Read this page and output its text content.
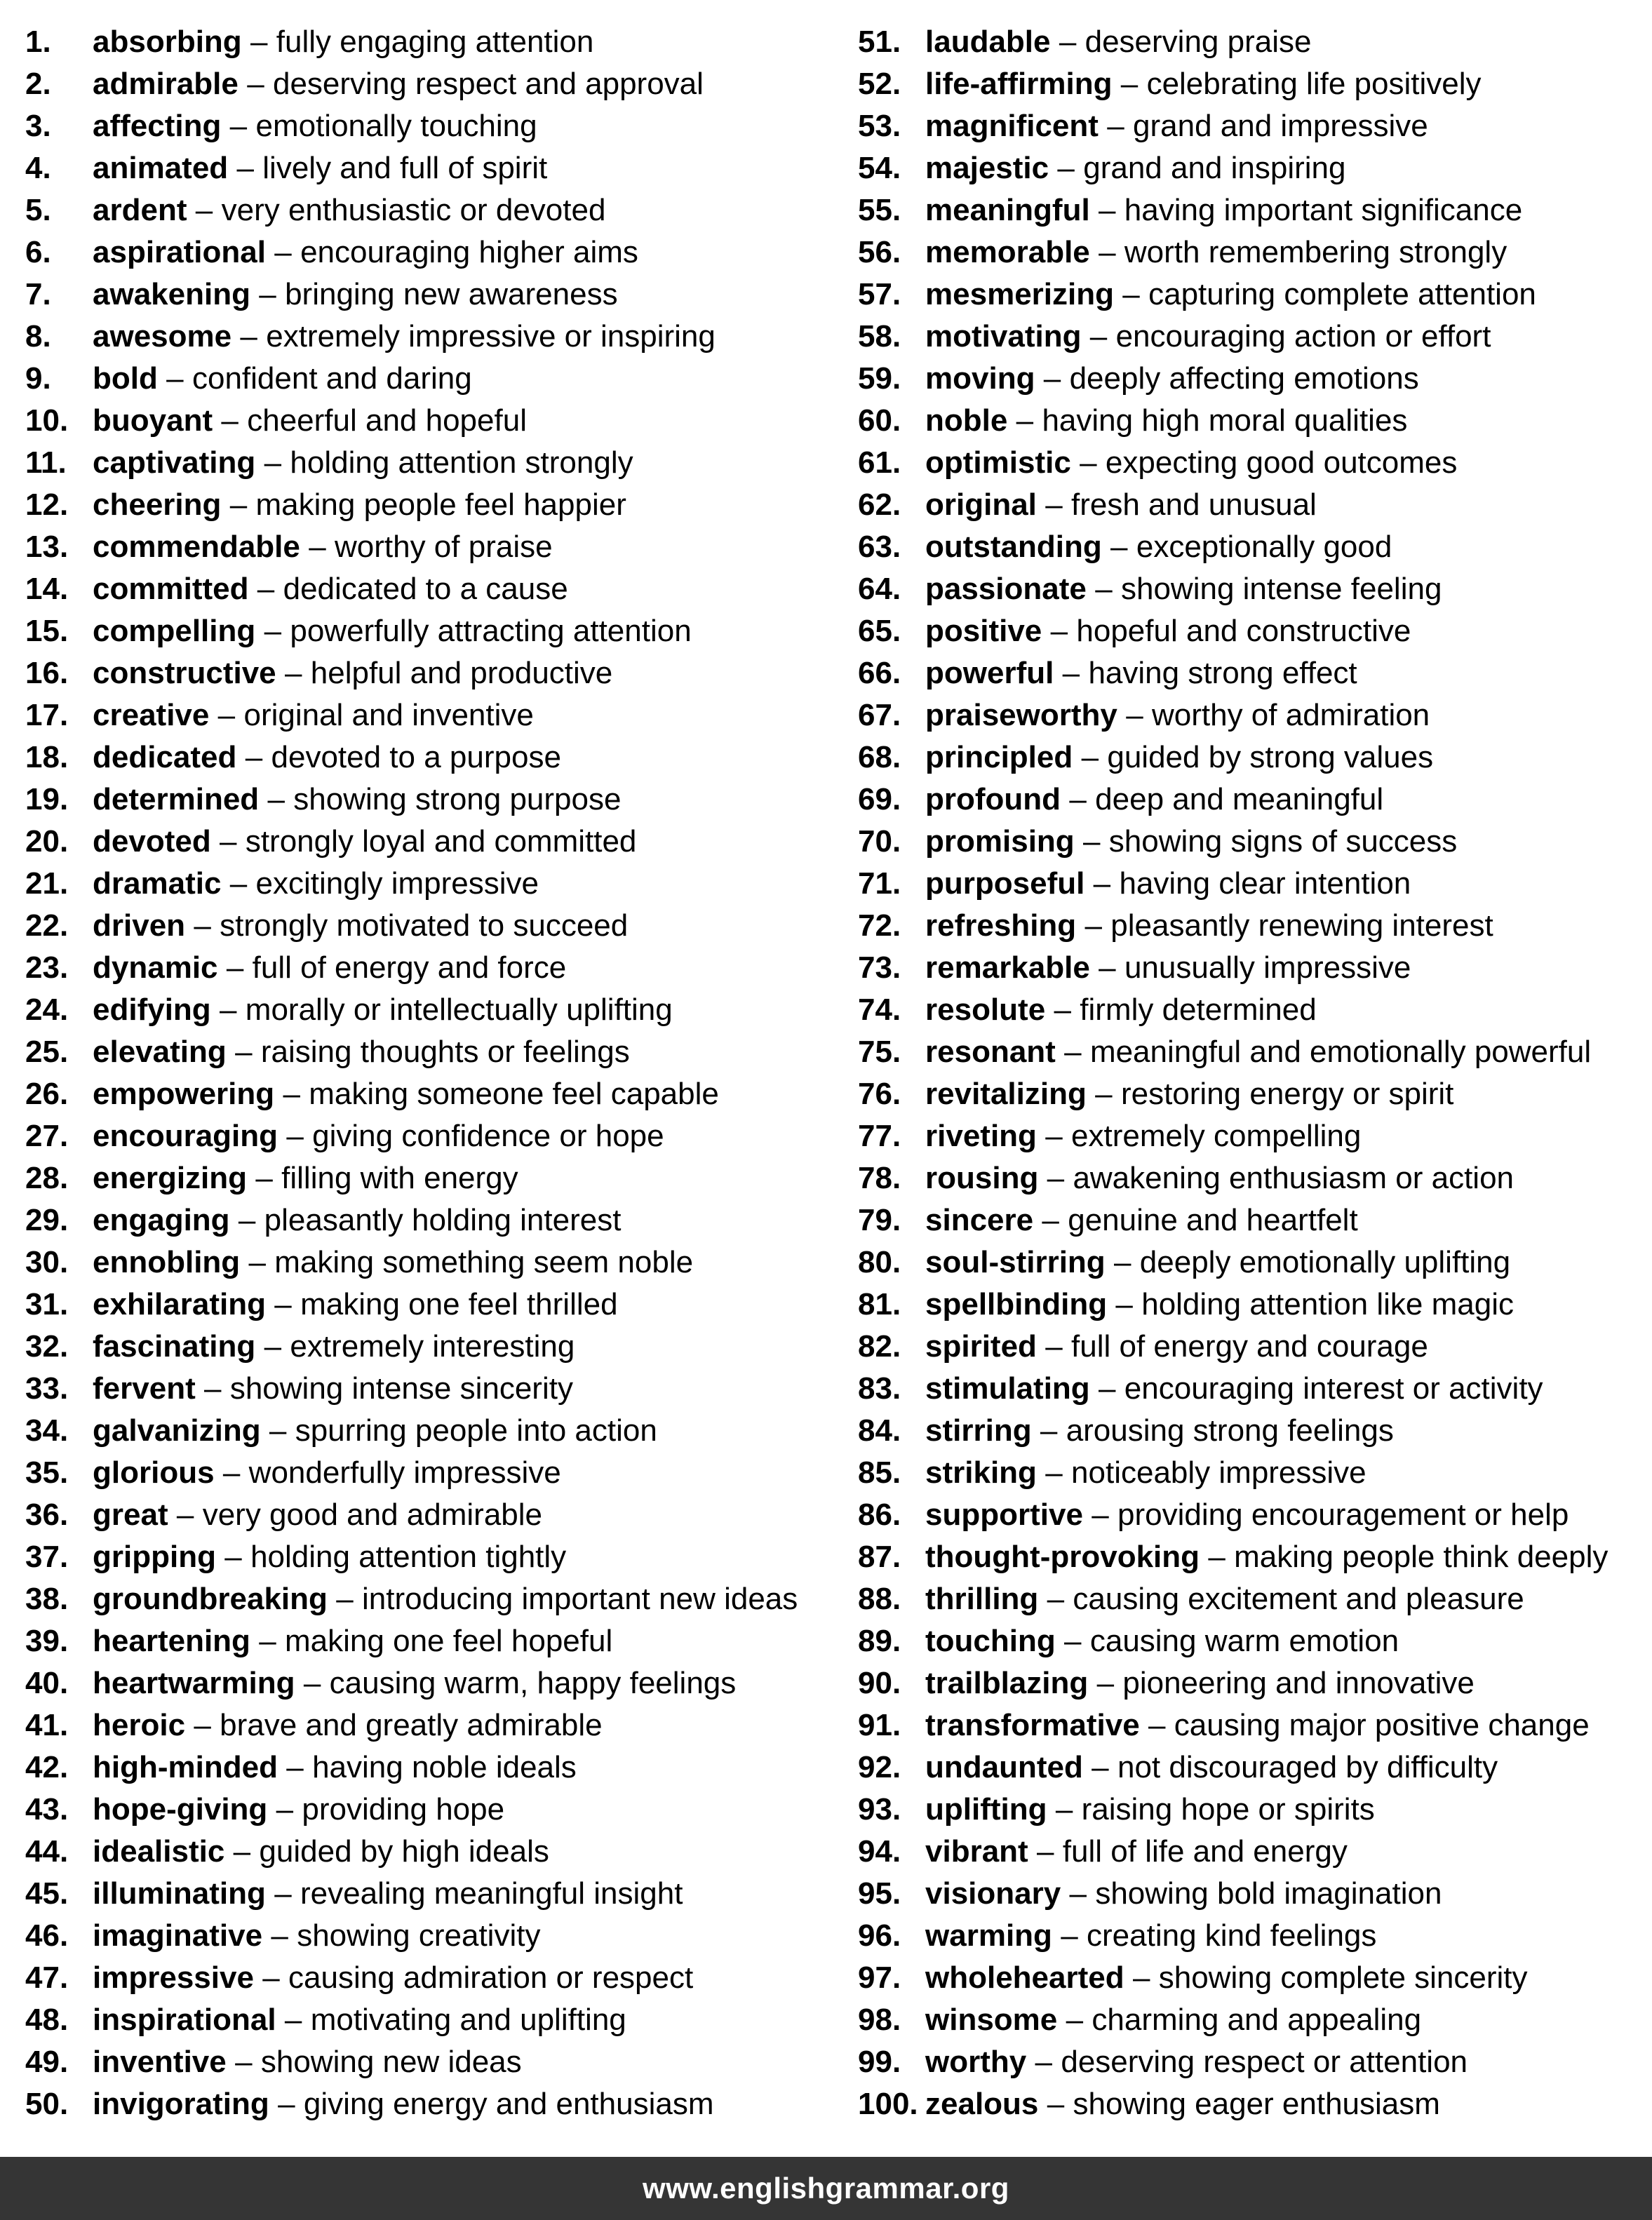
1.	absorbing – fully engaging attention
2.	admirable – deserving respect and approval
3.	affecting – emotionally touching
4.	animated – lively and full of spirit
5.	ardent – very enthusiastic or devoted
6.	aspirational – encouraging higher aims
7.	awakening – bringing new awareness
8.	awesome – extremely impressive or inspiring
9.	bold – confident and daring
10. buoyant – cheerful and hopeful
11. captivating – holding attention strongly
12. cheering – making people feel happier
13. commendable – worthy of praise
14. committed – dedicated to a cause
15. compelling – powerfully attracting attention
16. constructive – helpful and productive
17. creative – original and inventive
18. dedicated – devoted to a purpose
19. determined – showing strong purpose
20. devoted – strongly loyal and committed
21. dramatic – excitingly impressive
22. driven – strongly motivated to succeed
23. dynamic – full of energy and force
24. edifying – morally or intellectually uplifting
25. elevating – raising thoughts or feelings
26. empowering – making someone feel capable
27. encouraging – giving confidence or hope
28. energizing – filling with energy
29. engaging – pleasantly holding interest
30. ennobling – making something seem noble
31. exhilarating – making one feel thrilled
32. fascinating – extremely interesting
33. fervent – showing intense sincerity
34. galvanizing – spurring people into action
35. glorious – wonderfully impressive
36. great – very good and admirable
37. gripping – holding attention tightly
38. groundbreaking – introducing important new ideas
39. heartening – making one feel hopeful
40. heartwarming – causing warm, happy feelings
41. heroic – brave and greatly admirable
42. high-minded – having noble ideals
43. hope-giving – providing hope
44. idealistic – guided by high ideals
45. illuminating – revealing meaningful insight
46. imaginative – showing creativity
47. impressive – causing admiration or respect
48. inspirational – motivating and uplifting
49. inventive – showing new ideas
50. invigorating – giving energy and enthusiasm
51. laudable – deserving praise
52. life-affirming – celebrating life positively
53. magnificent – grand and impressive
54. majestic – grand and inspiring
55. meaningful – having important significance
56. memorable – worth remembering strongly
57. mesmerizing – capturing complete attention
58. motivating – encouraging action or effort
59. moving – deeply affecting emotions
60. noble – having high moral qualities
61. optimistic – expecting good outcomes
62. original – fresh and unusual
63. outstanding – exceptionally good
64. passionate – showing intense feeling
65. positive – hopeful and constructive
66. powerful – having strong effect
67. praiseworthy – worthy of admiration
68. principled – guided by strong values
69. profound – deep and meaningful
70. promising – showing signs of success
71. purposeful – having clear intention
72. refreshing – pleasantly renewing interest
73. remarkable – unusually impressive
74. resolute – firmly determined
75. resonant – meaningful and emotionally powerful
76. revitalizing – restoring energy or spirit
77. riveting – extremely compelling
78. rousing – awakening enthusiasm or action
79. sincere – genuine and heartfelt
80. soul-stirring – deeply emotionally uplifting
81. spellbinding – holding attention like magic
82. spirited – full of energy and courage
83. stimulating – encouraging interest or activity
84. stirring – arousing strong feelings
85. striking – noticeably impressive
86. supportive – providing encouragement or help
87. thought-provoking – making people think deeply
88. thrilling – causing excitement and pleasure
89. touching – causing warm emotion
90. trailblazing – pioneering and innovative
91. transformative – causing major positive change
92. undaunted – not discouraged by difficulty
93. uplifting – raising hope or spirits
94. vibrant – full of life and energy
95. visionary – showing bold imagination
96. warming – creating kind feelings
97. wholehearted – showing complete sincerity
98. winsome – charming and appealing
99. worthy – deserving respect or attention
100. zealous – showing eager enthusiasm
www.englishgrammar.org
